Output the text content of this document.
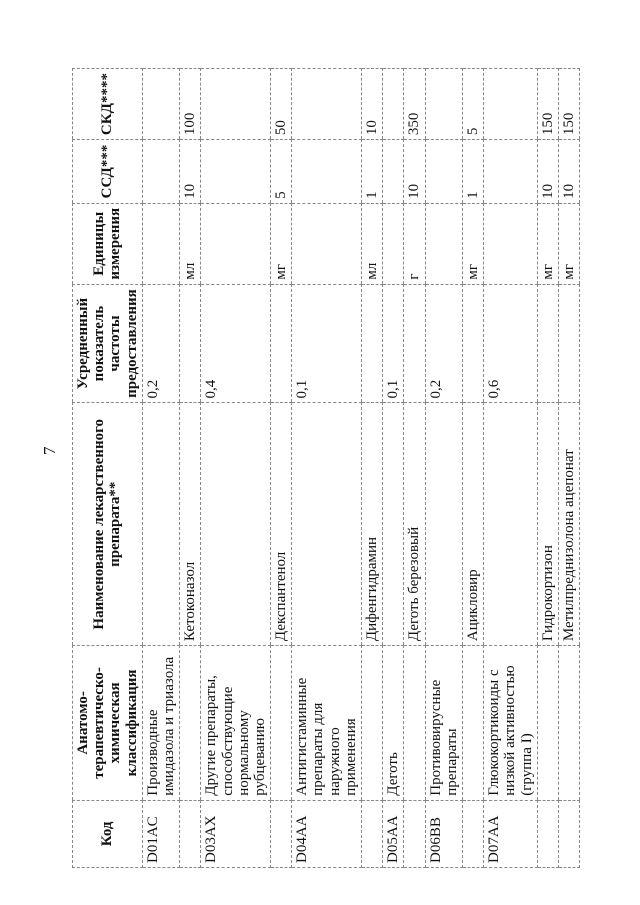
7
Код	Анатомо-терапевтическо-химическая классификация	Наименование лекарственного препарата**	Усредненный показатель частоты предоставления	Единицы измерения	ССД***	СКД****
D01AC	Производные имидазола и триазола		0,2			
		Кетоконазол		мл	10	100
D03AX	Другие препараты, способствующие нормальному рубцеванию		0,4			
		Декспантенол		мг	5	50
D04AA	Антигистаминные препараты для наружного применения		0,1			
		Дифенгидрамин		мл	1	10
D05AA	Деготь		0,1			
		Деготь березовый		г	10	350
D06BB	Противовирусные препараты		0,2			
		Ацикловир		мг	1	5
D07AA	Глюкокортикоиды с низкой активностью (группа I)		0,6			
		Гидрокортизон		мг	10	150
		Метилпреднизолона ацепонат		мг	10	150
